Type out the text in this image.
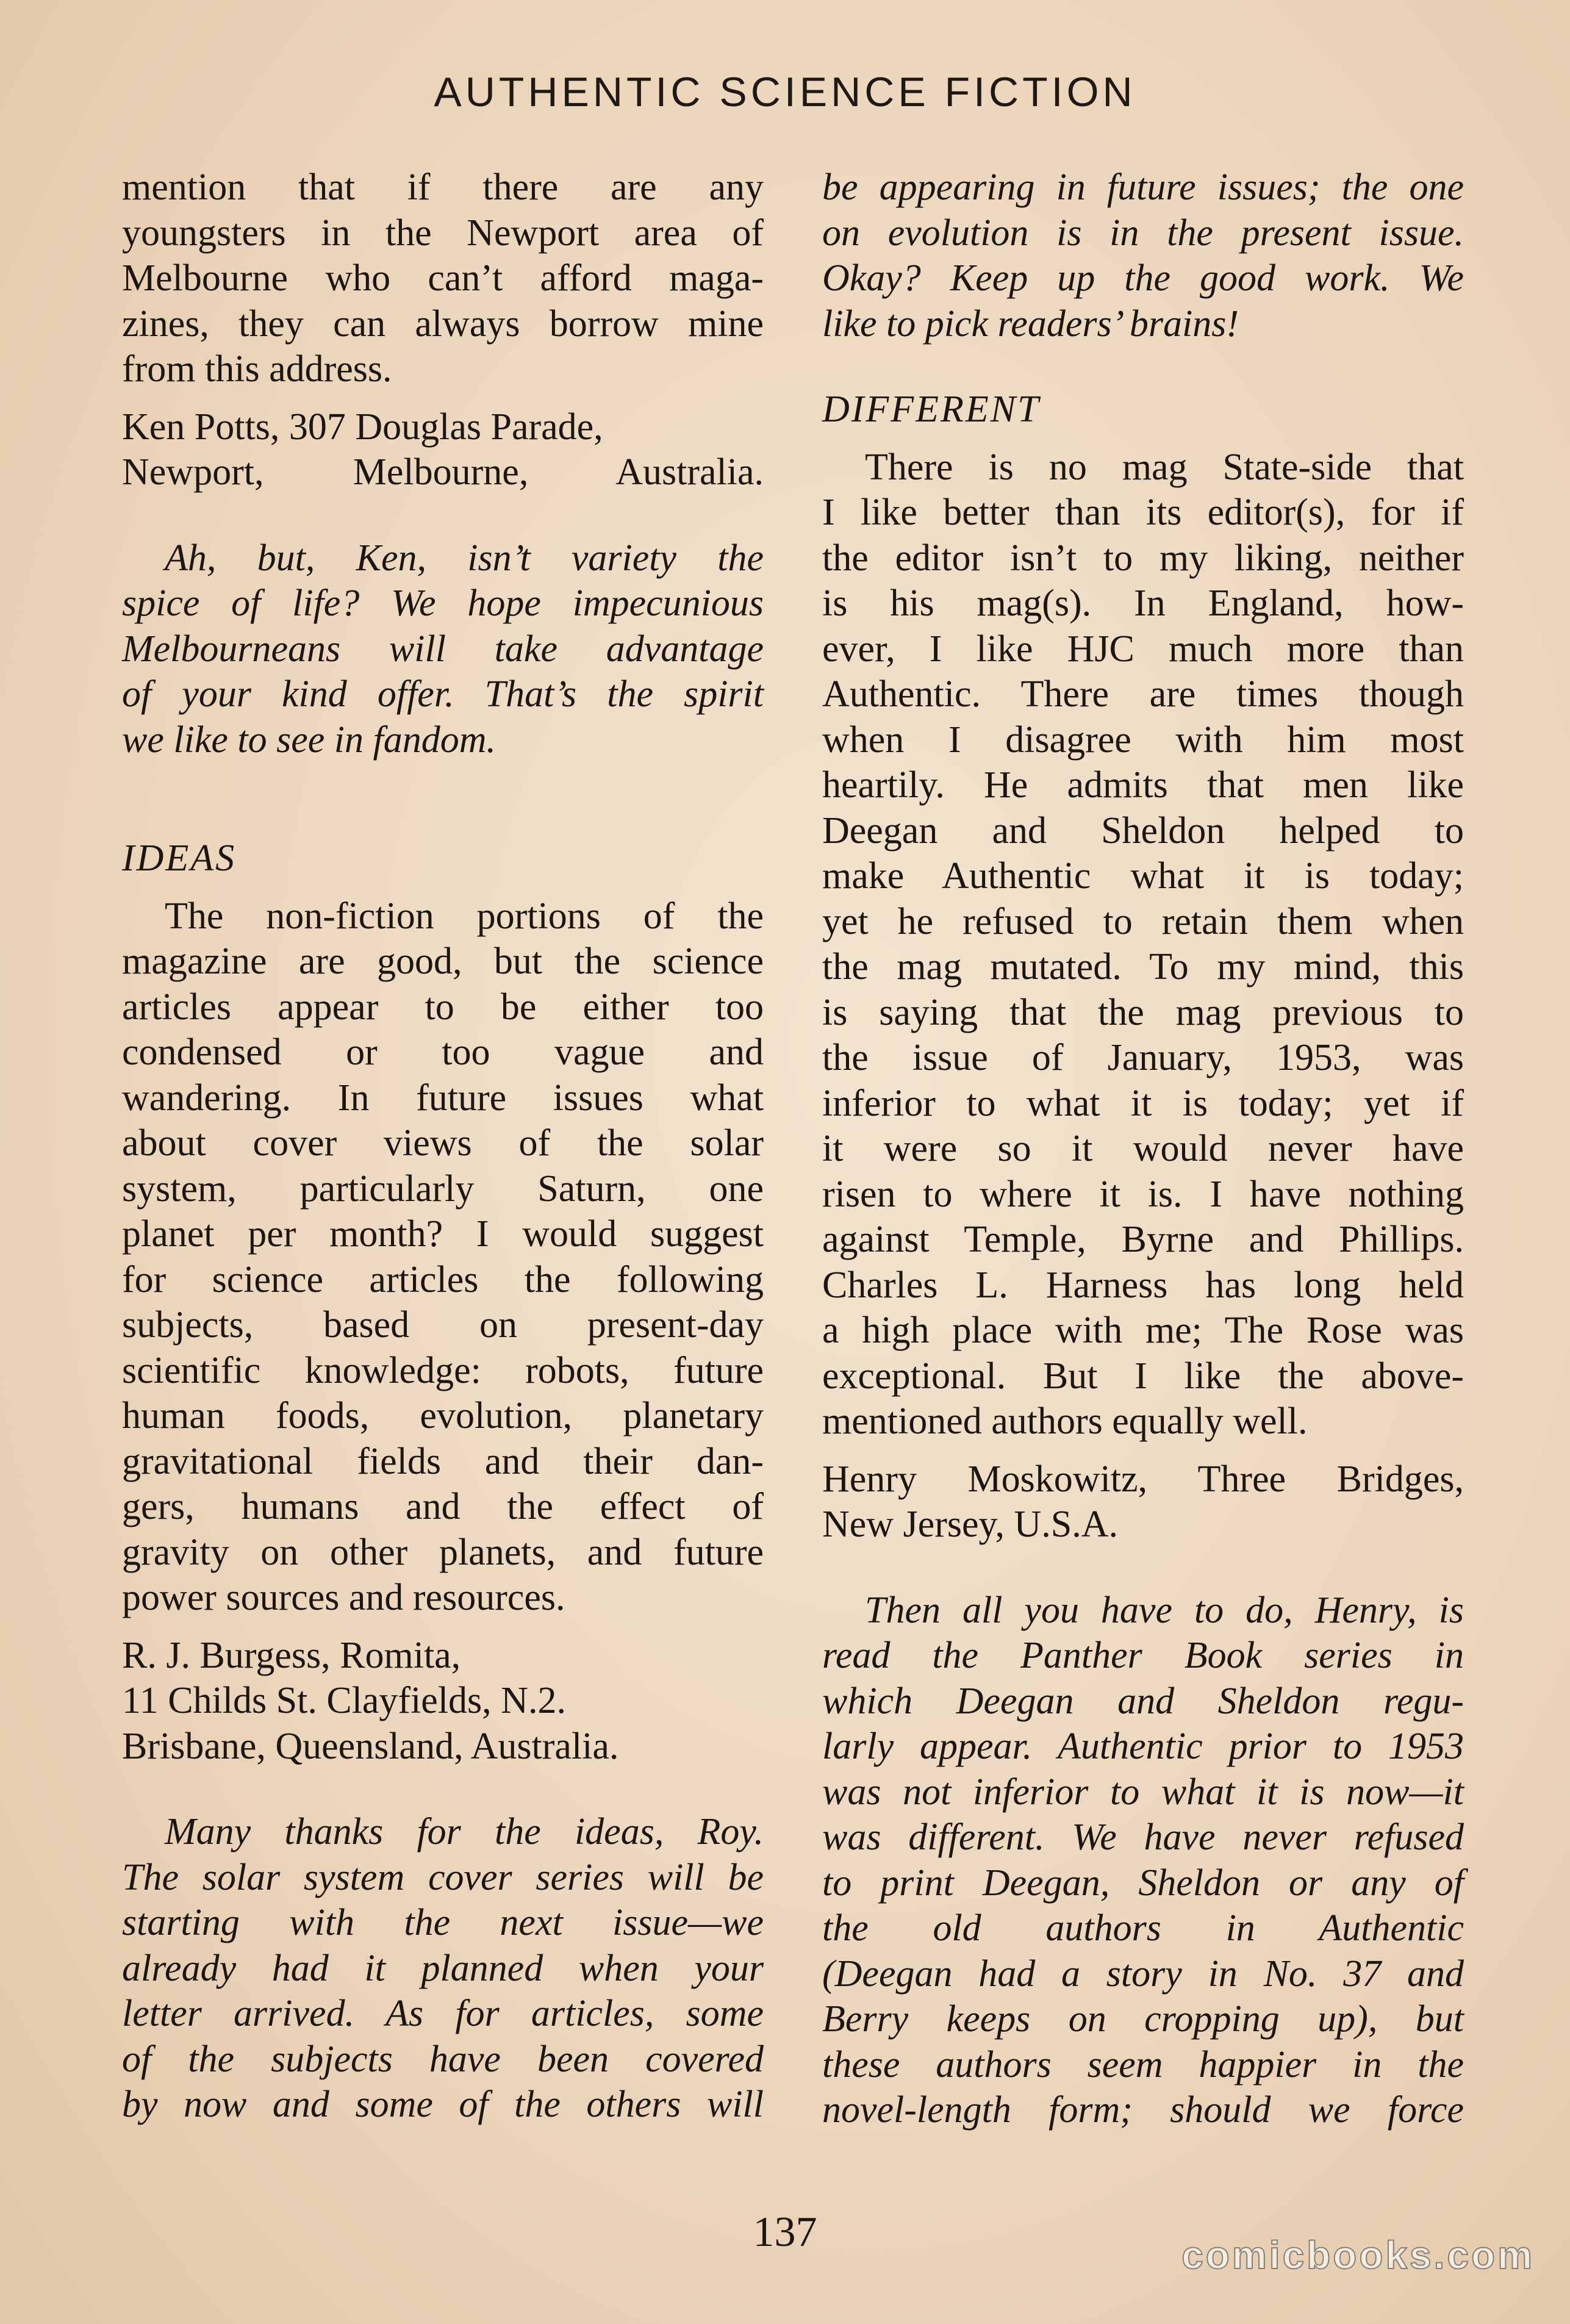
AUTHENTIC SCIENCE FICTION

mention that if there are any

youngsters in the Newport area of

Melbourne who can’t afford maga-

zines, they can always borrow mine

from this address.

Ken Potts, 307 Douglas Parade,

Newport, Melbourne, Australia.

Ah, but, Ken, isn’t variety the

spice of life? We hope impecunious

Melbourneans will take advantage

of your kind offer. That’s the spirit

we like to see in fandom.

IDEAS

The non-fiction portions of the

magazine are good, but the science

articles appear to be either too

condensed or too vague and

wandering. In future issues what

about cover views of the solar

system, particularly Saturn, one

planet per month? I would suggest

for science articles the following

subjects, based on present-day

scientific knowledge: robots, future

human foods, evolution, planetary

gravitational fields and their dan-

gers, humans and the effect of

gravity on other planets, and future

power sources and resources.

R. J. Burgess, Romita,

11 Childs St. Clayfields, N.2.

Brisbane, Queensland, Australia.

Many thanks for the ideas, Roy.

The solar system cover series will be

starting with the next issue—we

already had it planned when your

letter arrived. As for articles, some

of the subjects have been covered

by now and some of the others will

be appearing in future issues; the one

on evolution is in the present issue.

Okay? Keep up the good work. We

like to pick readers’ brains!

DIFFERENT

There is no mag State-side that

I like better than its editor(s), for if

the editor isn’t to my liking, neither

is his mag(s). In England, how-

ever, I like HJC much more than

Authentic. There are times though

when I disagree with him most

heartily. He admits that men like

Deegan and Sheldon helped to

make Authentic what it is today;

yet he refused to retain them when

the mag mutated. To my mind, this

is saying that the mag previous to

the issue of January, 1953, was

inferior to what it is today; yet if

it were so it would never have

risen to where it is. I have nothing

against Temple, Byrne and Phillips.

Charles L. Harness has long held

a high place with me; The Rose was

exceptional. But I like the above-

mentioned authors equally well.

Henry Moskowitz, Three Bridges,

New Jersey, U.S.A.

Then all you have to do, Henry, is

read the Panther Book series in

which Deegan and Sheldon regu-

larly appear. Authentic prior to 1953

was not inferior to what it is now—it

was different. We have never refused

to print Deegan, Sheldon or any of

the old authors in Authentic

(Deegan had a story in No. 37 and

Berry keeps on cropping up), but

these authors seem happier in the

novel-length form; should we force

137	comicbooks.com
